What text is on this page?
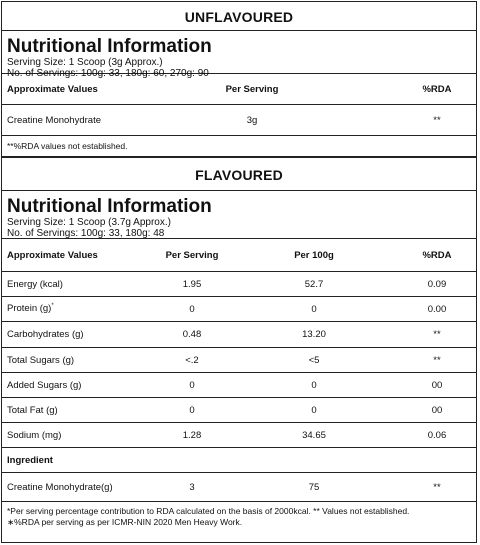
UNFLAVOURED
Nutritional Information
Serving Size: 1 Scoop (3g Approx.)
No. of Servings: 100g: 33, 180g: 60, 270g: 90
Approximate Values	Per Serving	%RDA
Creatine Monohydrate	3g	**
**%RDA values not established.
FLAVOURED
Nutritional Information
Serving Size: 1 Scoop (3.7g Approx.)
No. of Servings: 100g: 33, 180g: 48
Approximate Values	Per Serving	Per 100g	%RDA
Energy (kcal)	1.95	52.7	0.09
Protein (g)*	0	0	0.00
Carbohydrates (g)	0.48	13.20	**
Total Sugars (g)	<.2	<5	**
Added Sugars (g)	0	0	00
Total Fat (g)	0	0	00
Sodium (mg)	1.28	34.65	0.06
Ingredient
Creatine Monohydrate(g)	3	75	**
*Per serving percentage contribution to RDA calculated on the basis of 2000kcal. ** Values not established.
∗%RDA per serving as per ICMR-NIN 2020 Men Heavy Work.
